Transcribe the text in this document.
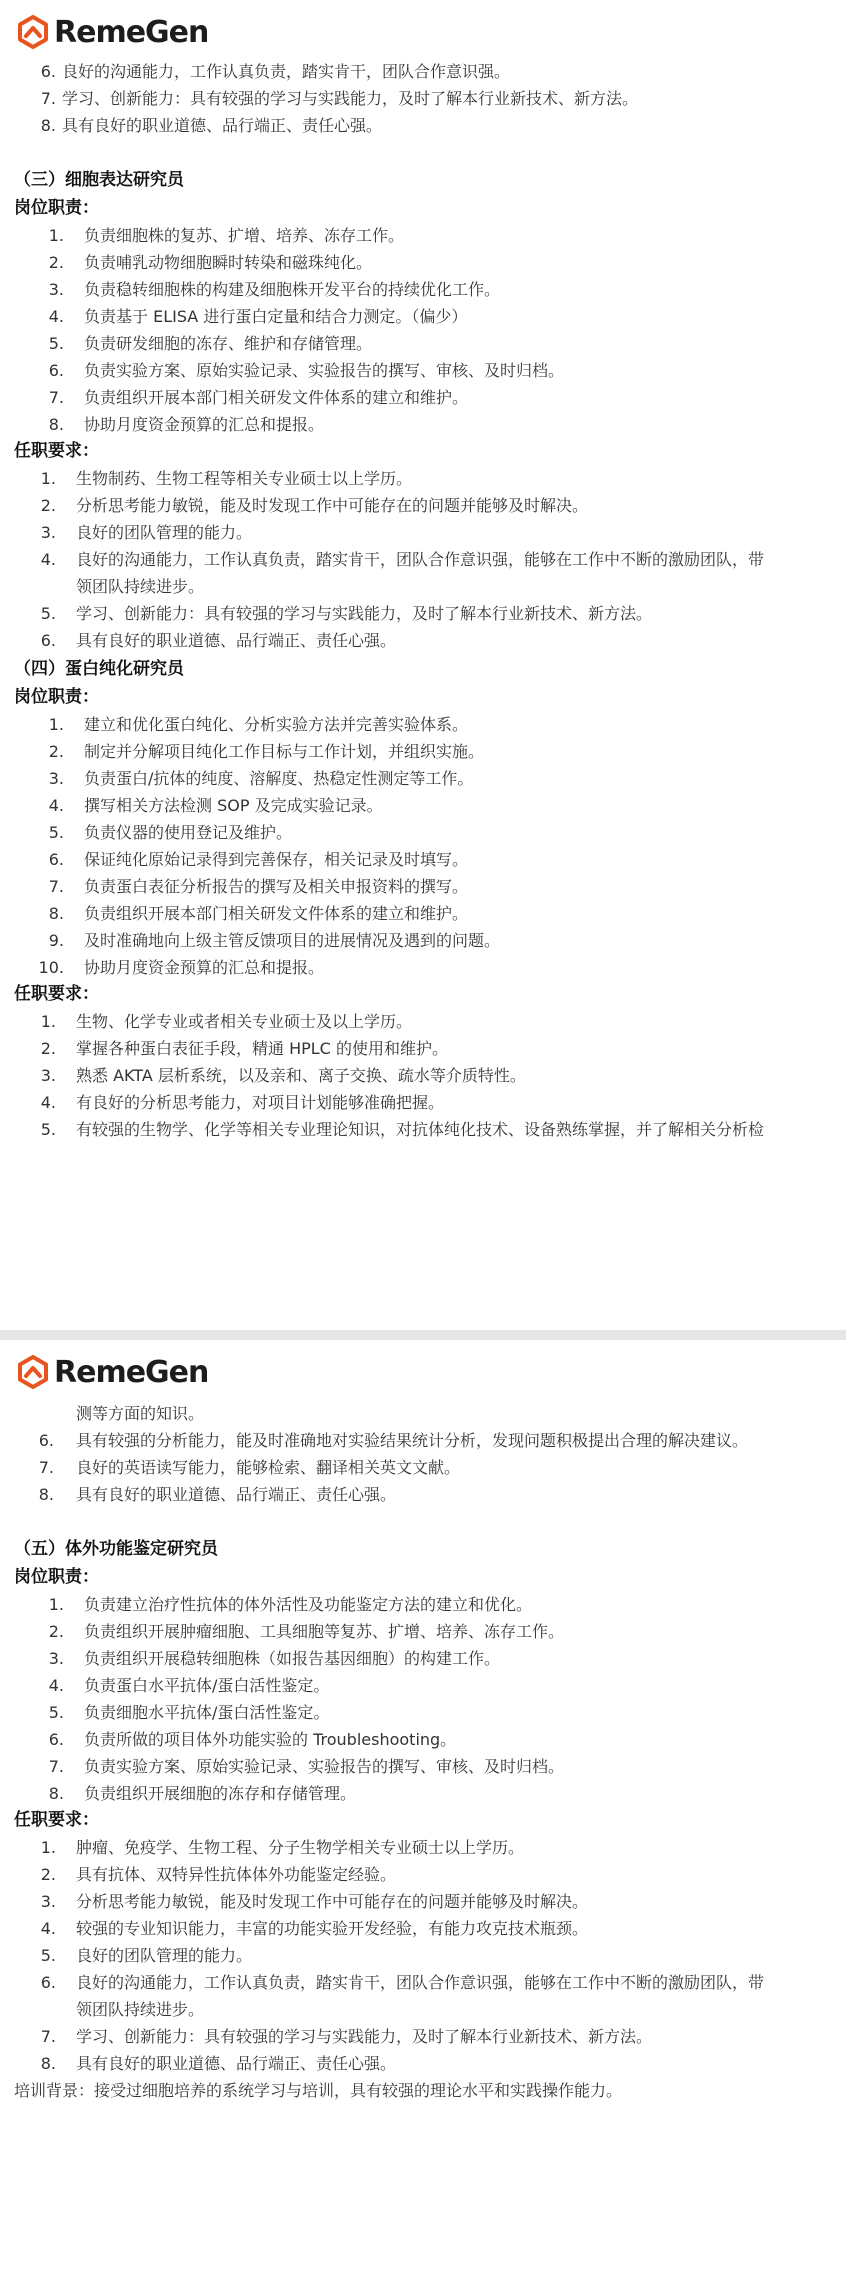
RemeGen
6. 良好的沟通能力，工作认真负责，踏实肯干，团队合作意识强。
7. 学习、创新能力：具有较强的学习与实践能力，及时了解本行业新技术、新方法。
8. 具有良好的职业道德、品行端正、责任心强。
（三）细胞表达研究员
岗位职责：
1. 负责细胞株的复苏、扩增、培养、冻存工作。
2. 负责哺乳动物细胞瞬时转染和磁珠纯化。
3. 负责稳转细胞株的构建及细胞株开发平台的持续优化工作。
4. 负责基于 ELISA 进行蛋白定量和结合力测定。（偏少）
5. 负责研发细胞的冻存、维护和存储管理。
6. 负责实验方案、原始实验记录、实验报告的撰写、审核、及时归档。
7. 负责组织开展本部门相关研发文件体系的建立和维护。
8. 协助月度资金预算的汇总和提报。
任职要求：
1. 生物制药、生物工程等相关专业硕士以上学历。
2. 分析思考能力敏锐，能及时发现工作中可能存在的问题并能够及时解决。
3. 良好的团队管理的能力。
4. 良好的沟通能力，工作认真负责，踏实肯干，团队合作意识强，能够在工作中不断的激励团队，带
领团队持续进步。
5. 学习、创新能力：具有较强的学习与实践能力，及时了解本行业新技术、新方法。
6. 具有良好的职业道德、品行端正、责任心强。
（四）蛋白纯化研究员
岗位职责：
1. 建立和优化蛋白纯化、分析实验方法并完善实验体系。
2. 制定并分解项目纯化工作目标与工作计划，并组织实施。
3. 负责蛋白/抗体的纯度、溶解度、热稳定性测定等工作。
4. 撰写相关方法检测 SOP 及完成实验记录。
5. 负责仪器的使用登记及维护。
6. 保证纯化原始记录得到完善保存，相关记录及时填写。
7. 负责蛋白表征分析报告的撰写及相关申报资料的撰写。
8. 负责组织开展本部门相关研发文件体系的建立和维护。
9. 及时准确地向上级主管反馈项目的进展情况及遇到的问题。
10. 协助月度资金预算的汇总和提报。
任职要求：
1. 生物、化学专业或者相关专业硕士及以上学历。
2. 掌握各种蛋白表征手段，精通 HPLC 的使用和维护。
3. 熟悉 AKTA 层析系统，以及亲和、离子交换、疏水等介质特性。
4. 有良好的分析思考能力，对项目计划能够准确把握。
5. 有较强的生物学、化学等相关专业理论知识，对抗体纯化技术、设备熟练掌握，并了解相关分析检
RemeGen
测等方面的知识。
6. 具有较强的分析能力，能及时准确地对实验结果统计分析，发现问题积极提出合理的解决建议。
7. 良好的英语读写能力，能够检索、翻译相关英文文献。
8. 具有良好的职业道德、品行端正、责任心强。
（五）体外功能鉴定研究员
岗位职责：
1. 负责建立治疗性抗体的体外活性及功能鉴定方法的建立和优化。
2. 负责组织开展肿瘤细胞、工具细胞等复苏、扩增、培养、冻存工作。
3. 负责组织开展稳转细胞株（如报告基因细胞）的构建工作。
4. 负责蛋白水平抗体/蛋白活性鉴定。
5. 负责细胞水平抗体/蛋白活性鉴定。
6. 负责所做的项目体外功能实验的 Troubleshooting。
7. 负责实验方案、原始实验记录、实验报告的撰写、审核、及时归档。
8. 负责组织开展细胞的冻存和存储管理。
任职要求：
1. 肿瘤、免疫学、生物工程、分子生物学相关专业硕士以上学历。
2. 具有抗体、双特异性抗体体外功能鉴定经验。
3. 分析思考能力敏锐，能及时发现工作中可能存在的问题并能够及时解决。
4. 较强的专业知识能力，丰富的功能实验开发经验，有能力攻克技术瓶颈。
5. 良好的团队管理的能力。
6. 良好的沟通能力，工作认真负责，踏实肯干，团队合作意识强，能够在工作中不断的激励团队，带
领团队持续进步。
7. 学习、创新能力：具有较强的学习与实践能力，及时了解本行业新技术、新方法。
8. 具有良好的职业道德、品行端正、责任心强。
培训背景：接受过细胞培养的系统学习与培训，具有较强的理论水平和实践操作能力。
